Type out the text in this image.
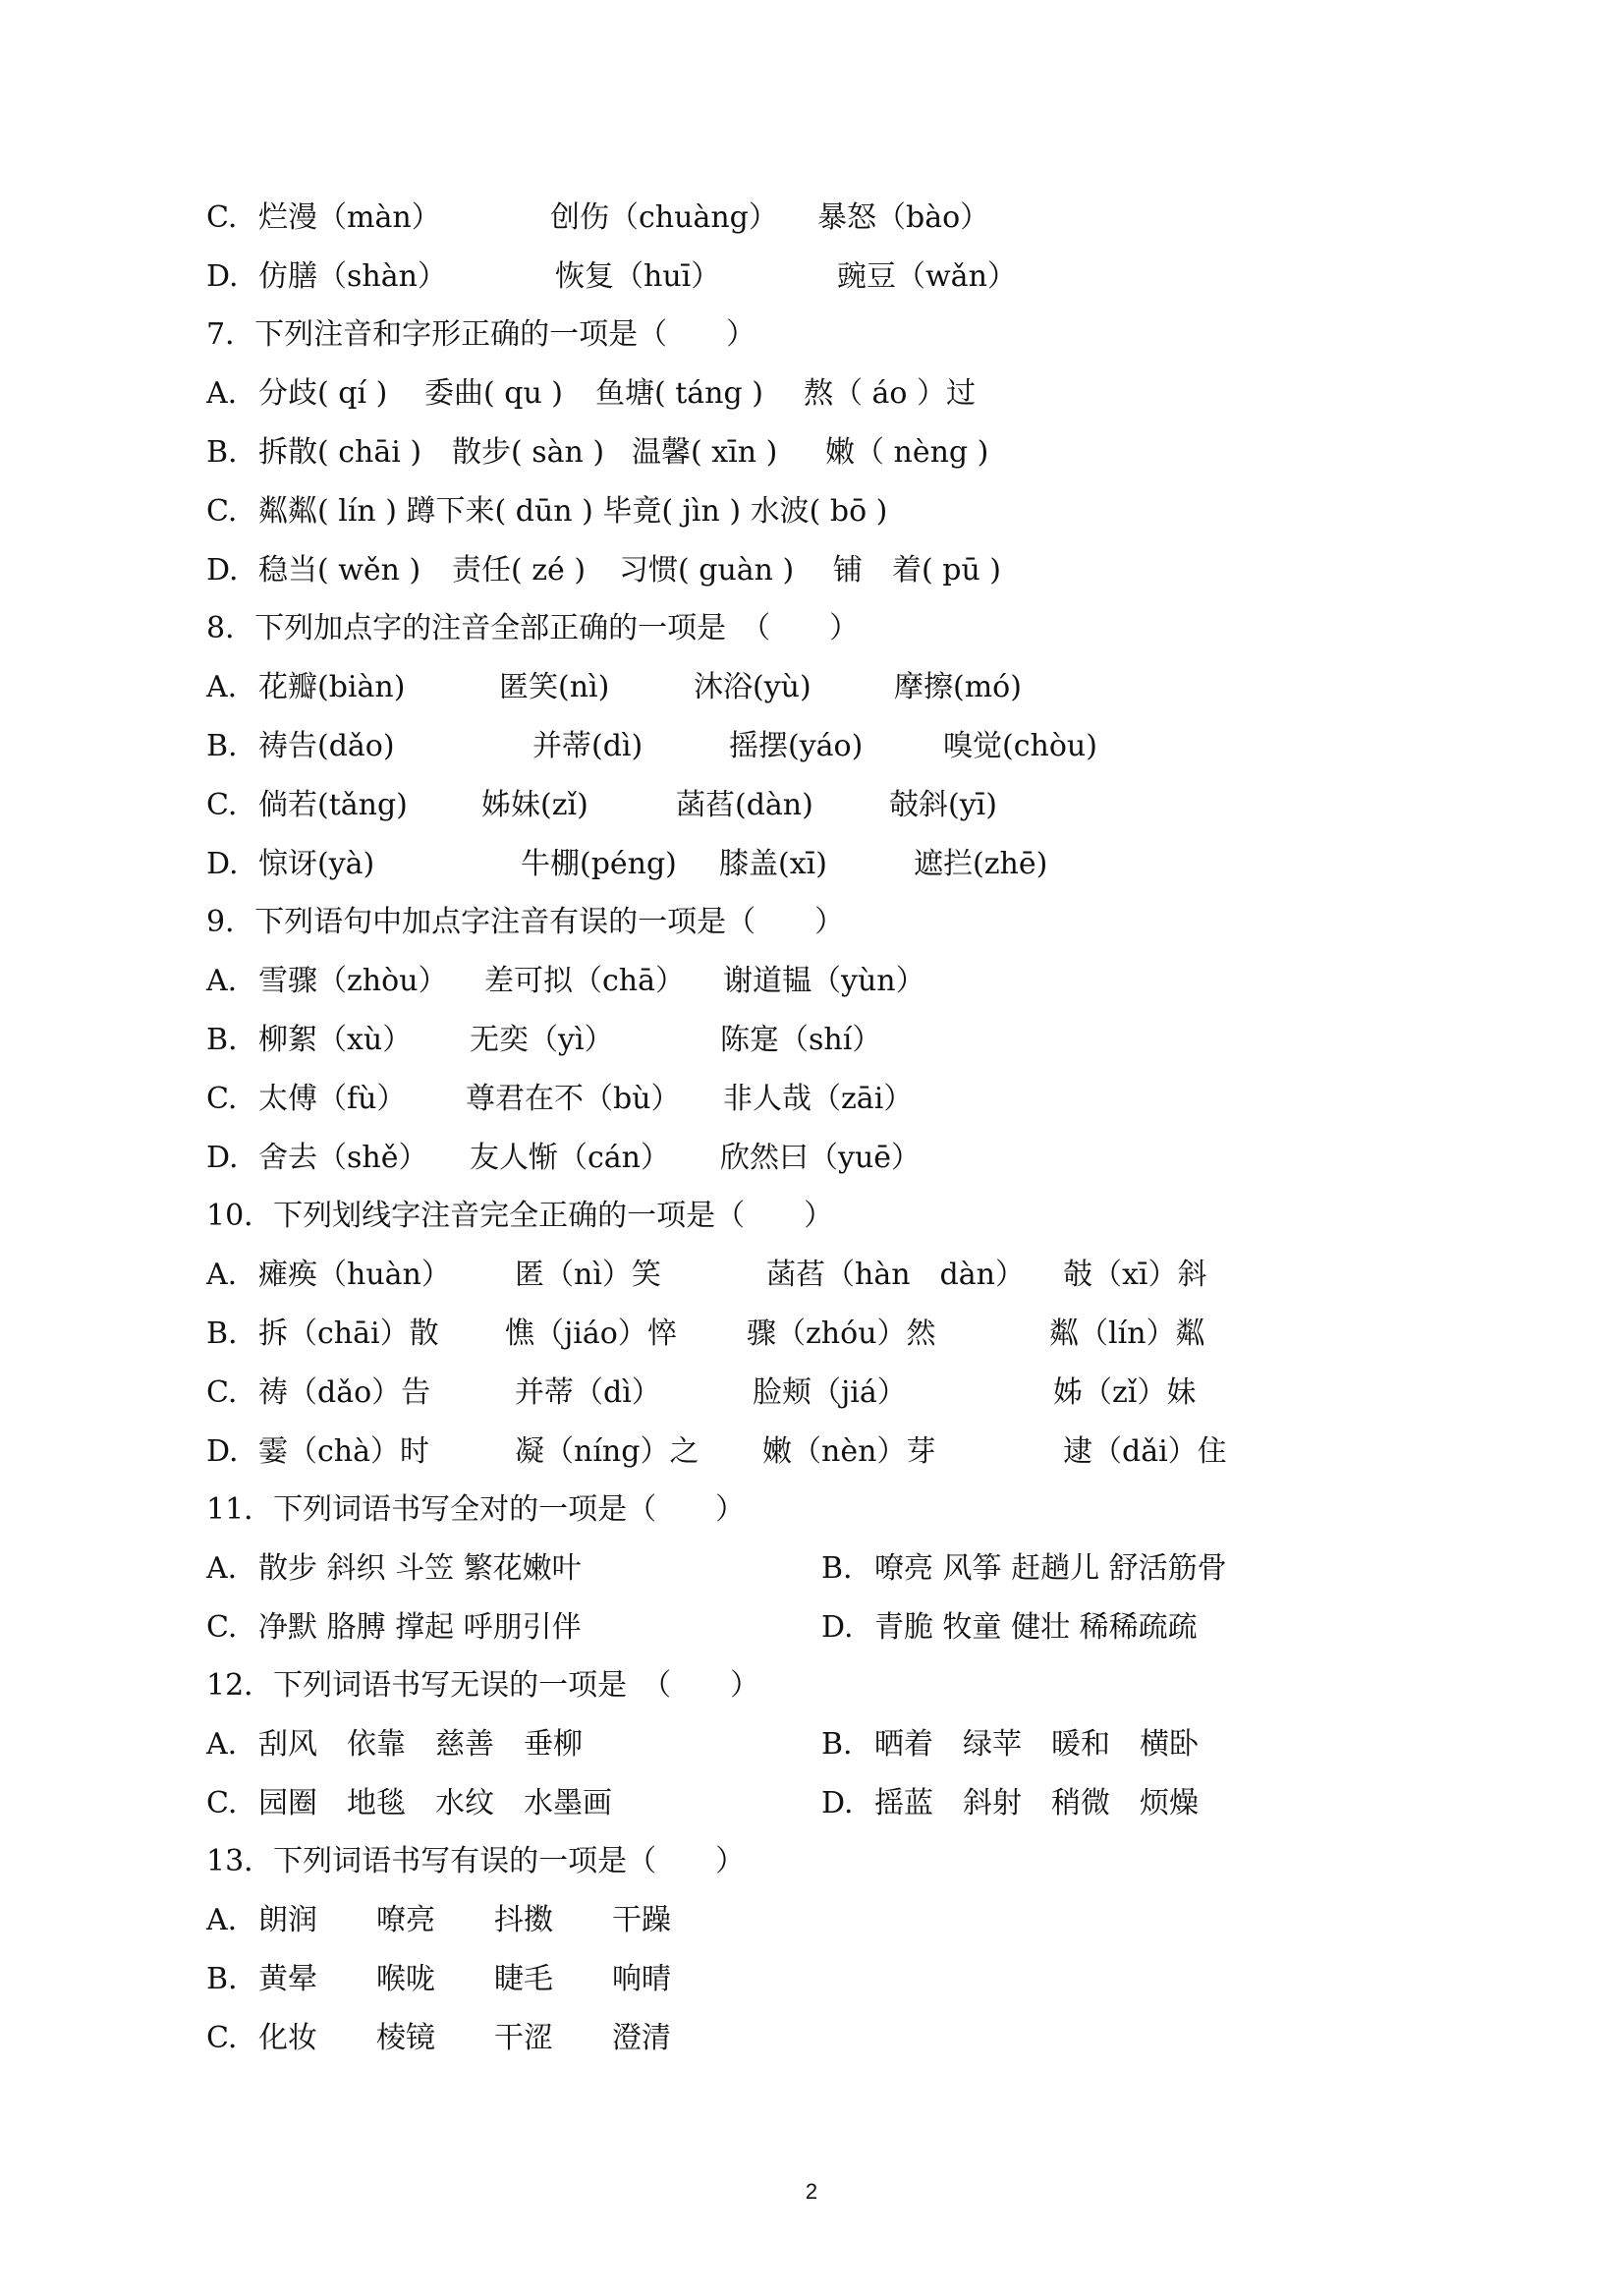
C. 烂漫（màn）	创伤（chuàng） 暴怒（bào）
D. 仿膳（shàn）	恢复（huī）	豌豆（wǎn）
7．下列注音和字形正确的一项是（　　）
A. 分歧( qí ) 委曲( qu ) 鱼塘( táng ) 熬（ áo ）过
B. 拆散( chāi ) 散步( sàn ) 温馨( xīn ) 嫩（ nèng )
C. 粼粼( lín ) 蹲下来( dūn ) 毕竟( jìn ) 水波( bō )
D. 稳当( wěn ) 责任( zé ) 习惯( guàn ) 铺　着( pū )
8．下列加点字的注音全部正确的一项是　（　　）
A. 花瓣(biàn)	匿笑(nì)	沐浴(yù)	摩擦(mó)
B. 祷告(dǎo)	并蒂(dì)	摇摆(yáo)	嗅觉(chòu)
C. 倘若(tǎng)	姊妹(zǐ)	菡萏(dàn)	攲斜(yī)
D. 惊讶(yà)	牛棚(péng) 膝盖(xī)	遮拦(zhē)
9．下列语句中加点字注音有误的一项是（　　）
A. 雪骤（zhòu） 差可拟（chā） 谢道韫（yùn）
B. 柳絮（xù） 无奕（yì）	陈寔（shí）
C. 太傅（fù） 尊君在不（bù） 非人哉（zāi）
D. 舍去（shě） 友人惭（cán） 欣然曰（yuē）
10．下列划线字注音完全正确的一项是（　　）
A. 瘫痪（huàn） 匿（nì）笑	菡萏（hàn　dàn） 攲（xī）斜
B. 拆（chāi）散 憔（jiáo）悴 骤（zhóu）然	粼（lín）粼
C. 祷（dǎo）告	并蒂（dì）	脸颊（jiá）	姊（zǐ）妹
D. 霎（chà）时	凝（níng）之 嫩（nèn）芽	逮（dǎi）住
11．下列词语书写全对的一项是（　　）
A. 散步 斜织 斗笠 繁花嫩叶	B. 嘹亮 风筝 赶趟儿 舒活筋骨
C. 净默 胳膊 撑起 呼朋引伴	D. 青脆 牧童 健壮 稀稀疏疏
12．下列词语书写无误的一项是　（　　）
A. 刮风　依靠　慈善　垂柳	B. 晒着　绿苹　暖和　横卧
C. 园圈　地毯　水纹　水墨画	D. 摇蓝　斜射　稍微　烦燥
13．下列词语书写有误的一项是（　　）
A. 朗润　　嘹亮　　抖擞　　干躁
B. 黄晕　　喉咙　　睫毛　　响晴
C. 化妆　　棱镜　　干涩　　澄清
2
